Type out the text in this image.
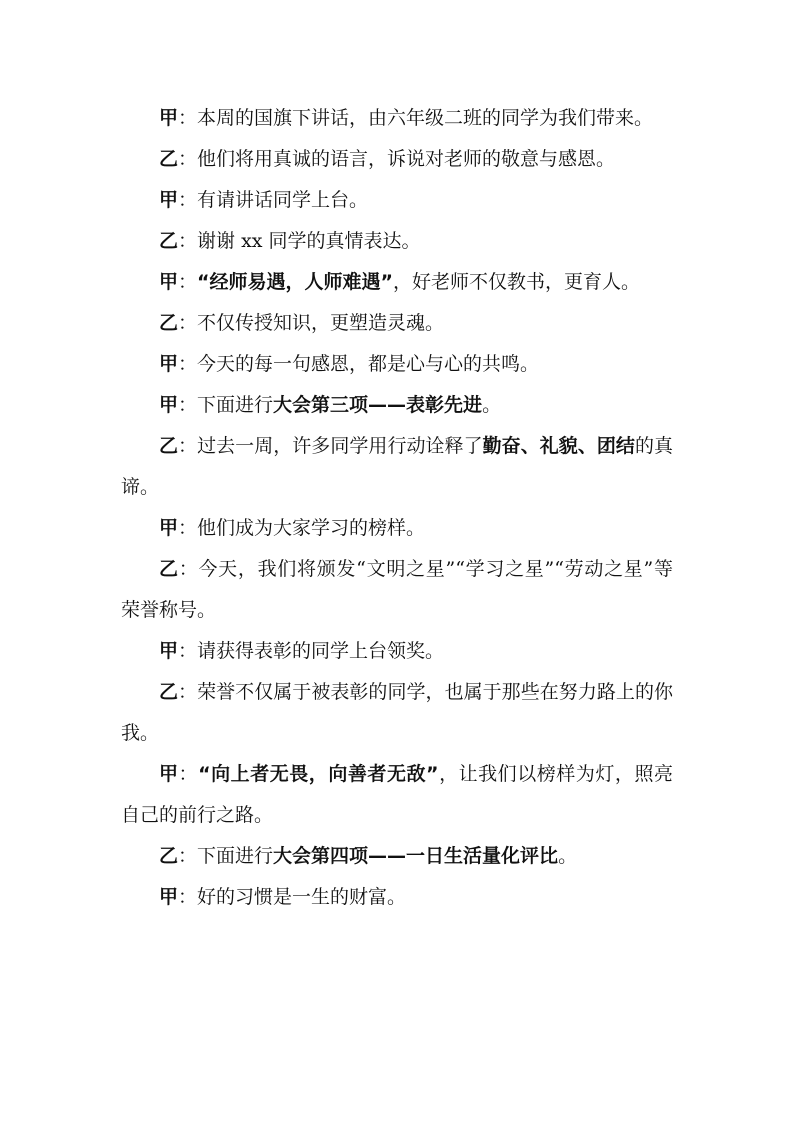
甲：本周的国旗下讲话，由六年级二班的同学为我们带来。

乙：他们将用真诚的语言，诉说对老师的敬意与感恩。

甲：有请讲话同学上台。

乙：谢谢 xx 同学的真情表达。

甲：“经师易遇，人师难遇”，好老师不仅教书，更育人。

乙：不仅传授知识，更塑造灵魂。

甲：今天的每一句感恩，都是心与心的共鸣。

甲：下面进行大会第三项——表彰先进。

乙：过去一周，许多同学用行动诠释了勤奋、礼貌、团结的真谛。

甲：他们成为大家学习的榜样。

乙：今天，我们将颁发“文明之星”“学习之星”“劳动之星”等荣誉称号。

甲：请获得表彰的同学上台领奖。

乙：荣誉不仅属于被表彰的同学，也属于那些在努力路上的你我。

甲：“向上者无畏，向善者无敌”，让我们以榜样为灯，照亮自己的前行之路。

乙：下面进行大会第四项——一日生活量化评比。

甲：好的习惯是一生的财富。
